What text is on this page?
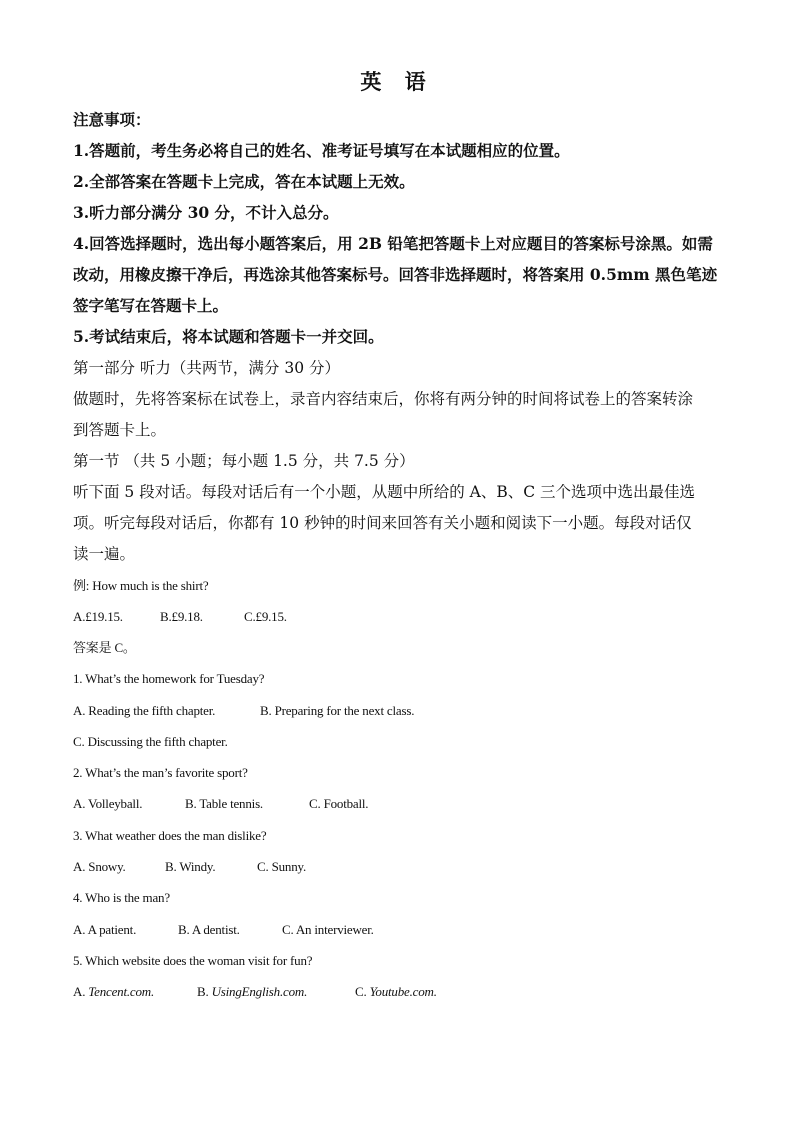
英 语
注意事项：
1.答题前，考生务必将自己的姓名、准考证号填写在本试题相应的位置。
2.全部答案在答题卡上完成，答在本试题上无效。
3.听力部分满分 30 分，不计入总分。
4.回答选择题时，选出每小题答案后，用 2B 铅笔把答题卡上对应题目的答案标号涂黑。如需
改动，用橡皮擦干净后，再选涂其他答案标号。回答非选择题时，将答案用 0.5mm 黑色笔迹
签字笔写在答题卡上。
5.考试结束后，将本试题和答题卡一并交回。
第一部分 听力（共两节，满分 30 分）
做题时，先将答案标在试卷上，录音内容结束后，你将有两分钟的时间将试卷上的答案转涂
到答题卡上。
第一节 （共 5 小题；每小题 1.5 分，共 7.5 分）
听下面 5 段对话。每段对话后有一个小题，从题中所给的 A、B、C 三个选项中选出最佳选
项。听完每段对话后，你都有 10 秒钟的时间来回答有关小题和阅读下一小题。每段对话仅
读一遍。
例: How much is the shirt?
A.£19.15.	B.£9.18.	C.£9.15.
答案是 C。
1. What’s the homework for Tuesday?
A. Reading the fifth chapter.	B. Preparing for the next class.
C. Discussing the fifth chapter.
2. What’s the man’s favorite sport?
A. Volleyball.	B. Table tennis.	C. Football.
3. What weather does the man dislike?
A. Snowy.	B. Windy.	C. Sunny.
4. Who is the man?
A. A patient.	B. A dentist.	C. An interviewer.
5. Which website does the woman visit for fun?
A. Tencent.com.	B. UsingEnglish.com.	C. Youtube.com.
